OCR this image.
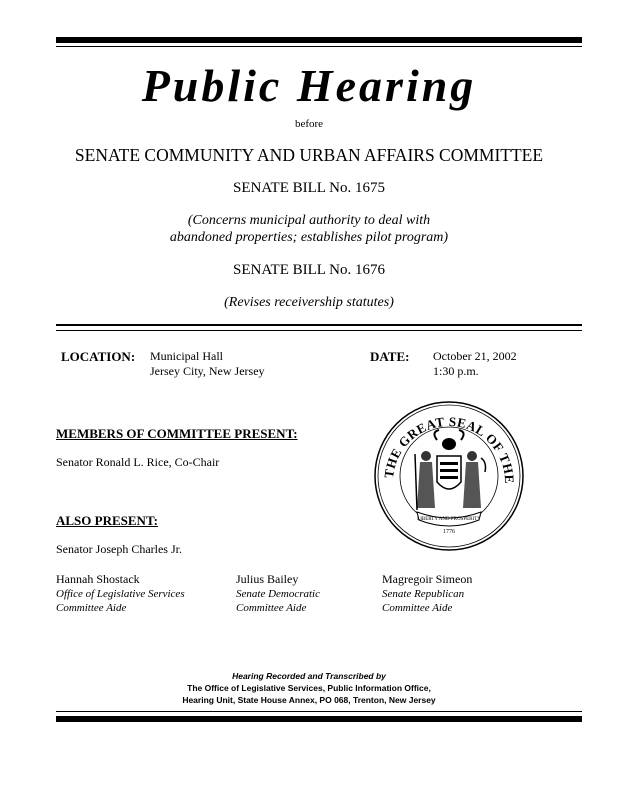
Public Hearing
before
SENATE COMMUNITY AND URBAN AFFAIRS COMMITTEE
SENATE BILL No. 1675
(Concerns municipal authority to deal with
abandoned properties; establishes pilot program)
SENATE BILL No. 1676
(Revises receivership statutes)
LOCATION: Municipal Hall
Jersey City, New Jersey
DATE: October 21, 2002
1:30 p.m.
MEMBERS OF COMMITTEE PRESENT:
Senator Ronald L. Rice, Co-Chair
ALSO PRESENT:
Senator Joseph Charles Jr.
Hannah Shostack
Office of Legislative Services
Committee Aide
Julius Bailey
Senate Democratic
Committee Aide
Magregoir Simeon
Senate Republican
Committee Aide
THE GREAT SEAL OF THE
LIBERTY AND PROSPERITY
1776
Hearing Recorded and Transcribed by
The Office of Legislative Services, Public Information Office,
Hearing Unit, State House Annex, PO 068, Trenton, New Jersey
